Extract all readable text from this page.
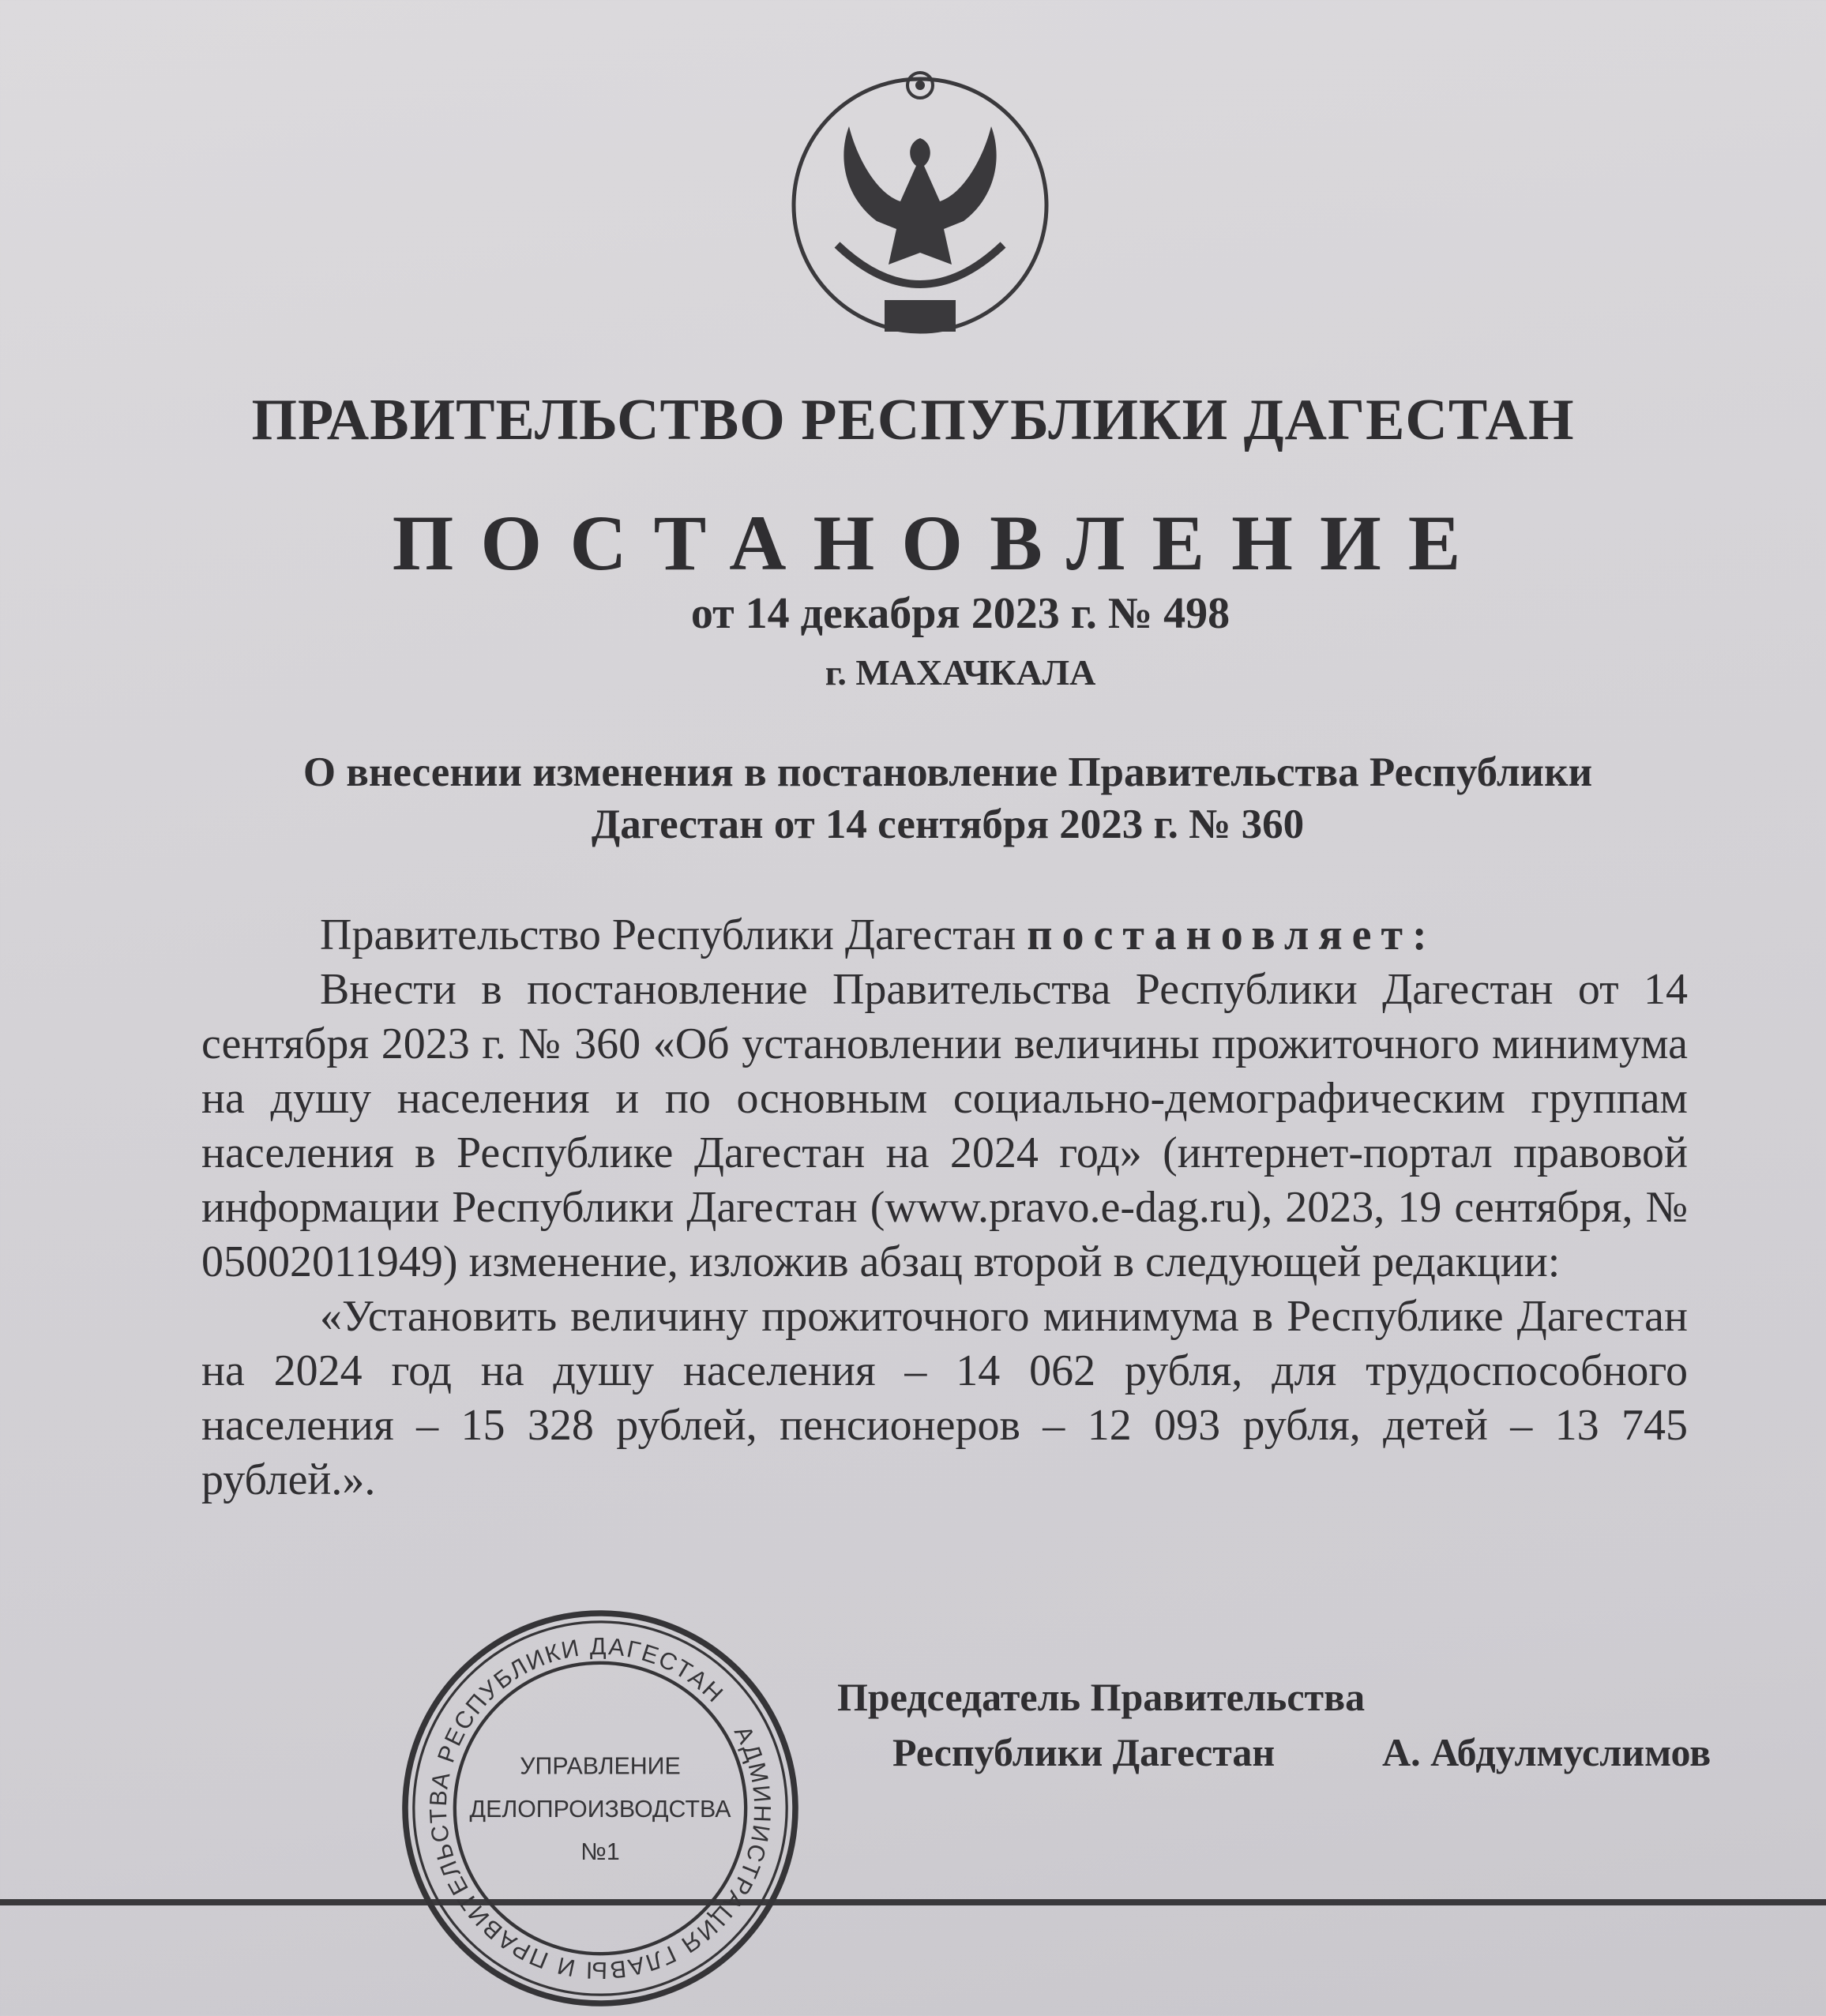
ПРАВИТЕЛЬСТВО РЕСПУБЛИКИ ДАГЕСТАН
ПОСТАНОВЛЕНИЕ
от 14 декабря 2023 г. № 498
г. МАХАЧКАЛА
О внесении изменения в постановление Правительства Республики
Дагестан от 14 сентября 2023 г. № 360

Правительство Республики Дагестан постановляет:

Внести в постановление Правительства Республики Дагестан от 14 сентября 2023 г. № 360 «Об установлении величины прожиточного минимума на душу населения и по основным социально-демографическим группам населения в Республике Дагестан на 2024 год» (интернет-портал правовой информации Республики Дагестан (www.pravo.e-dag.ru), 2023, 19 сентября, № 05002011949) изменение, изложив абзац второй в следующей редакции:

«Установить величину прожиточного минимума в Республике Дагестан на 2024 год на душу населения – 14 062 рубля, для трудоспособного населения – 15 328 рублей, пенсионеров – 12 093 рубля, детей – 13 745 рублей.».

Председатель Правительства
Республики Дагестан	А. Абдулмуслимов
АДМИНИСТРАЦИЯ ГЛАВЫ И ПРАВИТЕЛЬСТВА РЕСПУБЛИКИ ДАГЕСТАН
УПРАВЛЕНИЕ
ДЕЛОПРОИЗВОДСТВА
№1
